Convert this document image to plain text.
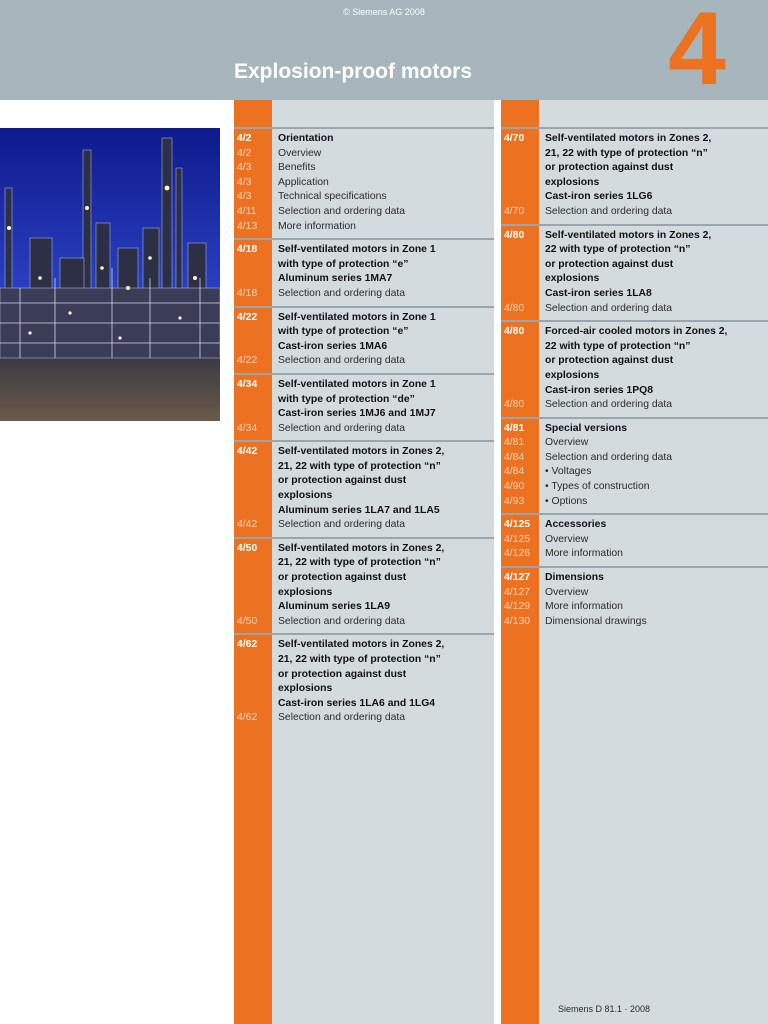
© Siemens AG 2008
Explosion-proof motors 4
4/2	Orientation
4/2	Overview
4/3	Benefits
4/3	Application
4/3	Technical specifications
4/11	Selection and ordering data
4/13	More information
4/18	Self-ventilated motors in Zone 1
with type of protection “e”
Aluminum series 1MA7
4/18	Selection and ordering data
4/22	Self-ventilated motors in Zone 1
with type of protection “e”
Cast-iron series 1MA6
4/22	Selection and ordering data
4/34	Self-ventilated motors in Zone 1
with type of protection “de”
Cast-iron series 1MJ6 and 1MJ7
4/34	Selection and ordering data
4/42	Self-ventilated motors in Zones 2,
21, 22 with type of protection “n”
or protection against dust
explosions
Aluminum series 1LA7 and 1LA5
4/42	Selection and ordering data
4/50	Self-ventilated motors in Zones 2,
21, 22 with type of protection “n”
or protection against dust
explosions
Aluminum series 1LA9
4/50	Selection and ordering data
4/62	Self-ventilated motors in Zones 2,
21, 22 with type of protection “n”
or protection against dust
explosions
Cast-iron series 1LA6 and 1LG4
4/62	Selection and ordering data
4/70	Self-ventilated motors in Zones 2,
21, 22 with type of protection “n”
or protection against dust
explosions
Cast-iron series 1LG6
4/70	Selection and ordering data
4/80	Self-ventilated motors in Zones 2,
22 with type of protection “n”
or protection against dust
explosions
Cast-iron series 1LA8
4/80	Selection and ordering data
4/80	Forced-air cooled motors in Zones 2,
22 with type of protection “n”
or protection against dust
explosions
Cast-iron series 1PQ8
4/80	Selection and ordering data
4/81	Special versions
4/81	Overview
4/84	Selection and ordering data
4/84	• Voltages
4/90	• Types of construction
4/93	• Options
4/125	Accessories
4/125	Overview
4/126	More information
4/127	Dimensions
4/127	Overview
4/129	More information
4/130	Dimensional drawings
Siemens D 81.1 · 2008
